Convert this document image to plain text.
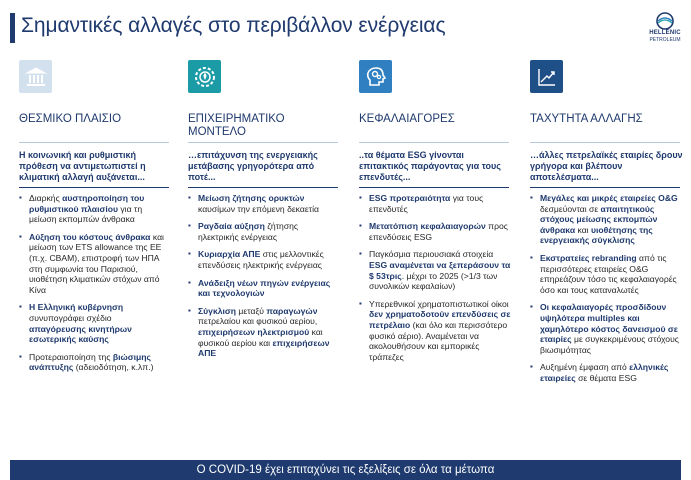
Σημαντικές αλλαγές στο περιβάλλον ενέργειας	HELLENIC
PETROLEUM
ΘΕΣΜΙΚΟ ΠΛΑΙΣΙΟ	ΕΠΙΧΕΙΡΗΜΑΤΙΚΟ ΜΟΝΤΕΛΟ
ΚΕΦΑΛΑΙΑΓΟΡΕΣ	ΤΑΧΥΤΗΤΑ ΑΛΛΑΓΗΣ
Η κοινωνική και ρυθμιστική πρόθεση να αντιμετωπιστεί η κλιματική αλλαγή αυξάνεται...
…επιτάχυνση της ενεργειακής μετάβασης γρηγορότερα από ποτέ...
..τα θέματα ESG γίνονται επιτακτικός παράγοντας για τους επενδυτές...
…άλλες πετρελαϊκές εταιρίες δρουν γρήγορα και βλέπουν αποτελέσματα...
▪ Διαρκής αυστηροποίηση του ρυθμιστικού πλαισίου για τη μείωση εκπομπών άνθρακα
▪ Αύξηση του κόστους άνθρακα και μείωση των ETS allowance της ΕΕ (π.χ. CBAM), επιστροφή των ΗΠΑ στη συμφωνία του Παρισιού, υιοθέτηση κλιματικών στόχων από Κίνα
▪ Η Ελληνική κυβέρνηση συνυπογράφει σχέδιο απαγόρευσης κινητήρων εσωτερικής καύσης
▪ Προτεραιοποίηση της βιώσιμης ανάπτυξης (αδειοδότηση, κ.λπ.)
▪ Μείωση ζήτησης ορυκτών καυσίμων την επόμενη δεκαετία
▪ Ραγδαία αύξηση ζήτησης ηλεκτρικής ενέργειας
▪ Κυριαρχία ΑΠΕ στις μελλοντικές επενδύσεις ηλεκτρικής ενέργειας
▪ Ανάδειξη νέων πηγών ενέργειας και τεχνολογιών
▪ Σύγκλιση μεταξύ παραγωγών πετρελαίου και φυσικού αερίου, επιχειρήσεων ηλεκτρισμού και φυσικού αερίου και επιχειρήσεων ΑΠΕ
▪ ESG προτεραιότητα για τους επενδυτές
▪ Μετατόπιση κεφαλαιαγορών προς επενδύσεις ESG
▪ Παγκόσμια περιουσιακά στοιχεία ESG αναμένεται να ξεπεράσουν τα $ 53τρις. μέχρι το 2025 (>1/3 των συνολικών κεφαλαίων)
▪ Υπερεθνικοί χρηματοπιστωτικοί οίκοι δεν χρηματοδοτούν επενδύσεις σε πετρέλαιο (και όλο και περισσότερο φυσικό αέριο). Αναμένεται να ακολουθήσουν και εμπορικές τράπεζες
▪ Μεγάλες και μικρές εταιρείες O&G δεσμεύονται σε απαιτητικούς στόχους μείωσης εκπομπών άνθρακα και υιοθέτησης της ενεργειακής σύγκλισης
▪ Εκστρατείες rebranding από τις περισσότερες εταιρείες O&G επηρεάζουν τόσο τις κεφαλαιαγορές όσο και τους καταναλωτές
▪ Οι κεφαλαιαγορές προσδίδουν υψηλότερα multiples και χαμηλότερο κόστος δανεισμού σε εταιρίες με συγκεκριμένους στόχους βιωσιμότητας
▪ Αυξημένη έμφαση από ελληνικές εταιρείες σε θέματα ESG
Ο COVID-19 έχει επιταχύνει τις εξελίξεις σε όλα τα μέτωπα
